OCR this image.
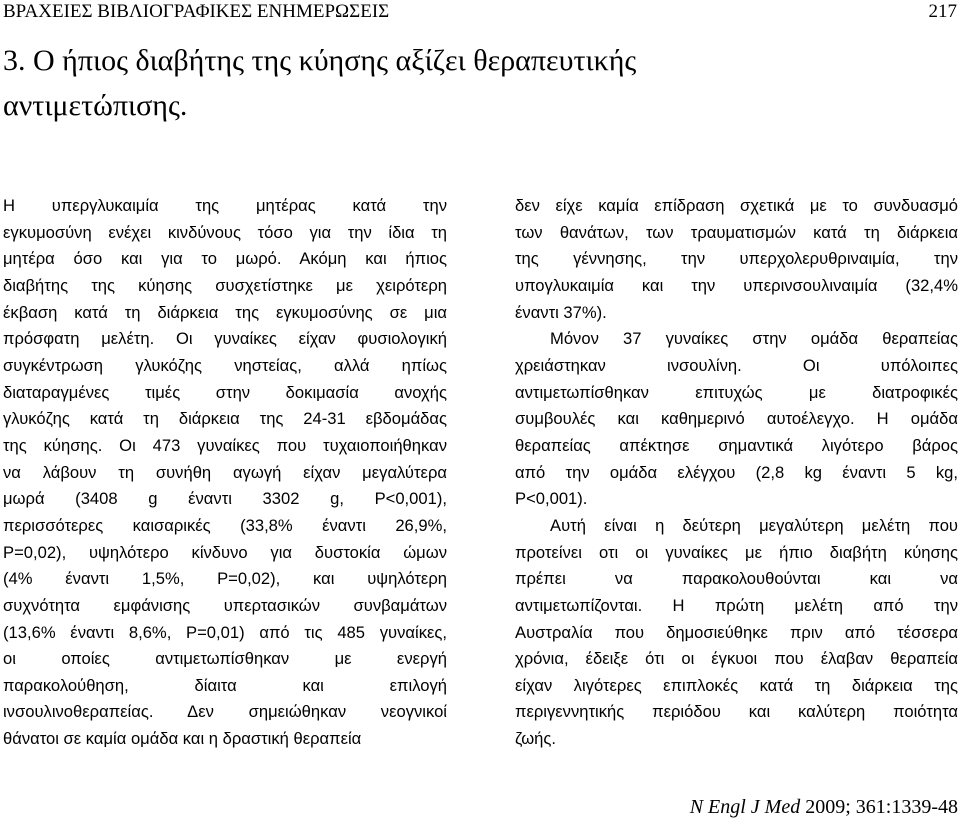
ΒΡΑΧΕΙΕΣ ΒΙΒΛΙΟΓΡΑΦΙΚΕΣ ΕΝΗΜΕΡΩΣΕΙΣ	217
3. Ο ήπιος διαβήτης της κύησης αξίζει θεραπευτικής
αντιμετώπισης.
Η υπεργλυκαιμία της μητέρας κατά την
εγκυμοσύνη ενέχει κινδύνους τόσο για την ίδια τη
μητέρα όσο και για το μωρό. Ακόμη και ήπιος
διαβήτης της κύησης συσχετίστηκε με χειρότερη
έκβαση κατά τη διάρκεια της εγκυμοσύνης σε μια
πρόσφατη μελέτη. Οι γυναίκες είχαν φυσιολογική
συγκέντρωση γλυκόζης νηστείας, αλλά ηπίως
διαταραγμένες τιμές στην δοκιμασία ανοχής
γλυκόζης κατά τη διάρκεια της 24-31 εβδομάδας
της κύησης. Οι 473 γυναίκες που τυχαιοποιήθηκαν
να λάβουν τη συνήθη αγωγή είχαν μεγαλύτερα
μωρά (3408 g έναντι 3302 g, P<0,001),
περισσότερες καισαρικές (33,8% έναντι 26,9%,
P=0,02), υψηλότερο κίνδυνο για δυστοκία ώμων
(4% έναντι 1,5%, P=0,02), και υψηλότερη
συχνότητα εμφάνισης υπερτασικών συνβαμάτων
(13,6% έναντι 8,6%, P=0,01) από τις 485 γυναίκες,
οι οποίες αντιμετωπίσθηκαν με ενεργή
παρακολούθηση, δίαιτα και επιλογή
ινσουλινοθεραπείας. Δεν σημειώθηκαν νεογνικοί
θάνατοι σε καμία ομάδα και η δραστική θεραπεία
δεν είχε καμία επίδραση σχετικά με το συνδυασμό
των θανάτων, των τραυματισμών κατά τη διάρκεια
της γέννησης, την υπερχολερυθριναιμία, την
υπογλυκαιμία και την υπερινσουλιναιμία (32,4%
έναντι 37%).
Μόνον 37 γυναίκες στην ομάδα θεραπείας
χρειάστηκαν ινσουλίνη. Οι υπόλοιπες
αντιμετωπίσθηκαν επιτυχώς με διατροφικές
συμβουλές και καθημερινό αυτοέλεγχο. Η ομάδα
θεραπείας απέκτησε σημαντικά λιγότερο βάρος
από την ομάδα ελέγχου (2,8 kg έναντι 5 kg,
P<0,001).
Αυτή είναι η δεύτερη μεγαλύτερη μελέτη που
προτείνει οτι οι γυναίκες με ήπιο διαβήτη κύησης
πρέπει να παρακολουθούνται και να
αντιμετωπίζονται. Η πρώτη μελέτη από την
Αυστραλία που δημοσιεύθηκε πριν από τέσσερα
χρόνια, έδειξε ότι οι έγκυοι που έλαβαν θεραπεία
είχαν λιγότερες επιπλοκές κατά τη διάρκεια της
περιγεννητικής περιόδου και καλύτερη ποιότητα
ζωής.
N Engl J Med 2009; 361:1339-48
